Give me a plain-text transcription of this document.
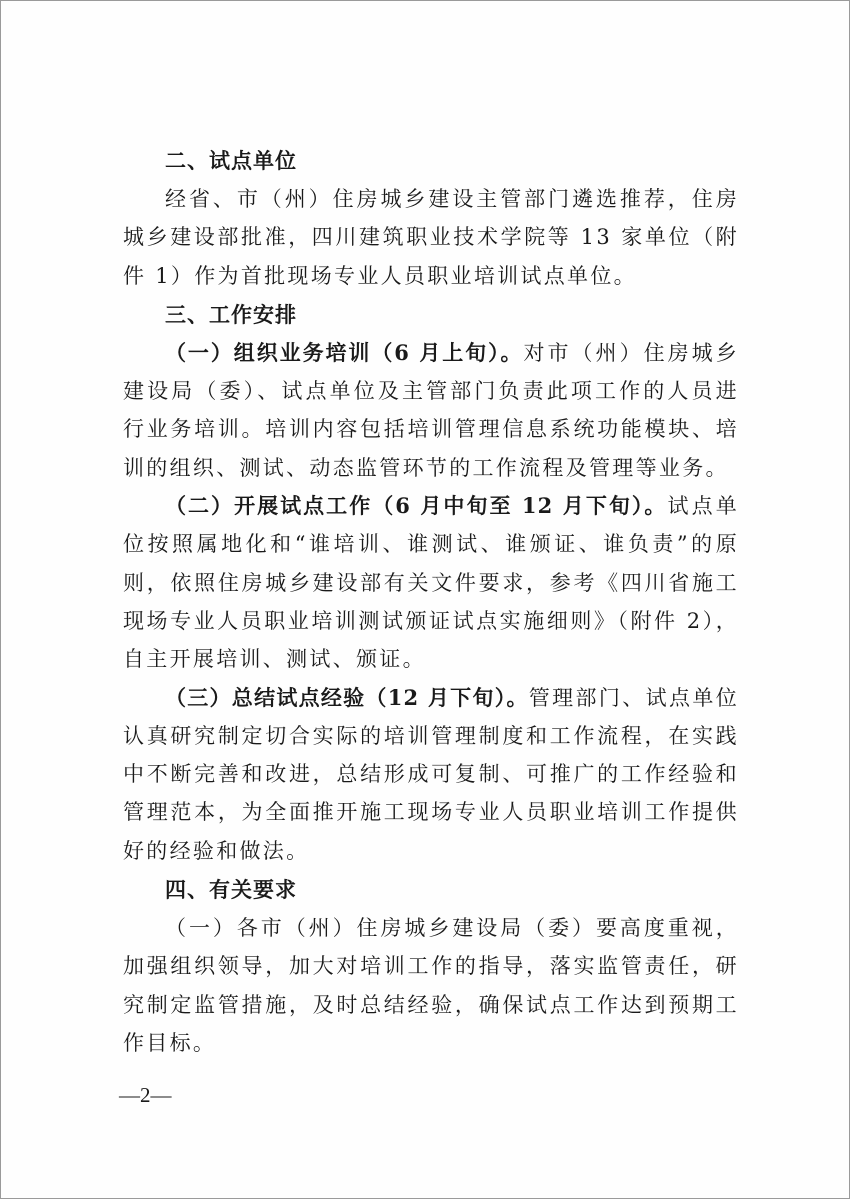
二、试点单位

经省、市（州）住房城乡建设主管部门遴选推荐，住房城乡建设部批准，四川建筑职业技术学院等 13 家单位（附件 1）作为首批现场专业人员职业培训试点单位。

三、工作安排

（一）组织业务培训（6 月上旬）。对市（州）住房城乡建设局（委）、试点单位及主管部门负责此项工作的人员进行业务培训。培训内容包括培训管理信息系统功能模块、培训的组织、测试、动态监管环节的工作流程及管理等业务。

（二）开展试点工作（6 月中旬至 12 月下旬）。试点单位按照属地化和“谁培训、谁测试、谁颁证、谁负责”的原则，依照住房城乡建设部有关文件要求，参考《四川省施工现场专业人员职业培训测试颁证试点实施细则》（附件 2），自主开展培训、测试、颁证。

（三）总结试点经验（12 月下旬）。管理部门、试点单位认真研究制定切合实际的培训管理制度和工作流程，在实践中不断完善和改进，总结形成可复制、可推广的工作经验和管理范本，为全面推开施工现场专业人员职业培训工作提供好的经验和做法。

四、有关要求

（一）各市（州）住房城乡建设局（委）要高度重视，加强组织领导，加大对培训工作的指导，落实监管责任，研究制定监管措施，及时总结经验，确保试点工作达到预期工作目标。

—2—
